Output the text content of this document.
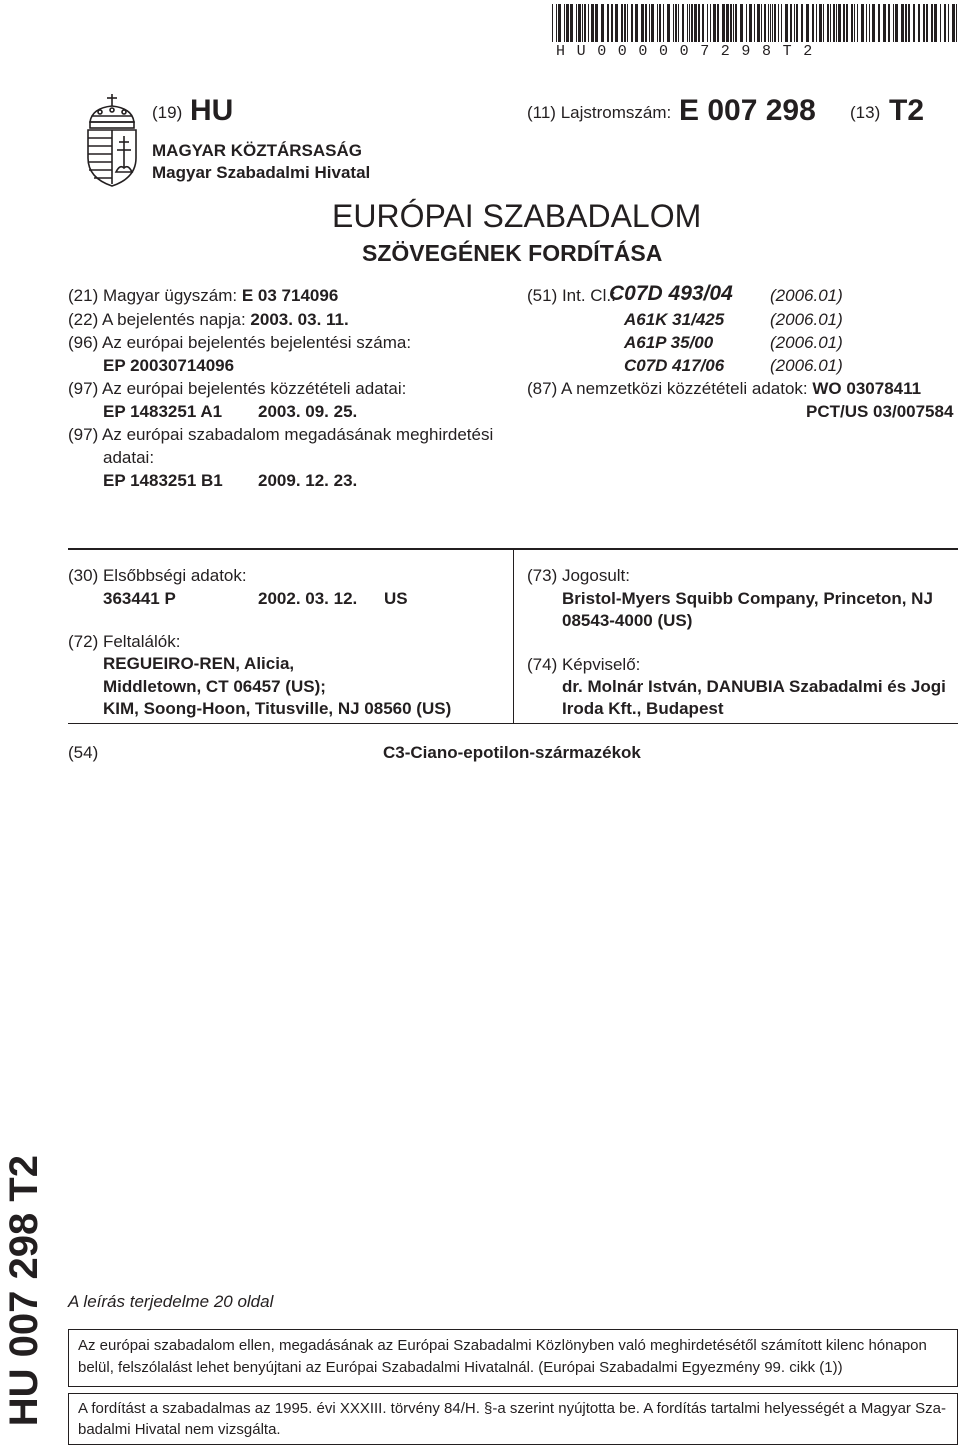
HU000007298T2
(19) HU	(11) Lajstromszám: E 007 298 (13) T2
MAGYAR KÖZTÁRSASÁG
Magyar Szabadalmi Hivatal
EURÓPAI SZABADALOM
SZÖVEGÉNEK FORDÍTÁSA
(21) Magyar ügyszám: E 03 714096
(22) A bejelentés napja: 2003. 03. 11.
(96) Az európai bejelentés bejelentési száma:
EP 20030714096
(97) Az európai bejelentés közzétételi adatai:
EP 1483251 A1 2003. 09. 25.
(97) Az európai szabadalom megadásának meghirdetési
adatai:
EP 1483251 B1 2009. 12. 23.
(51) Int. Cl.:
C07D 493/04 (2006.01)
A61K 31/425	(2006.01)
A61P 35/00	(2006.01)
C07D 417/06	(2006.01)
(87) A nemzetközi közzétételi adatok: WO 03078411
PCT/US 03/007584
(30) Elsőbbségi adatok:
363441 P	2002. 03. 12. US
(72) Feltalálók:
REGUEIRO-REN, Alicia,
Middletown, CT 06457 (US);
KIM, Soong-Hoon, Titusville, NJ 08560 (US)
(73) Jogosult:
Bristol-Myers Squibb Company, Princeton, NJ
08543-4000 (US)
(74) Képviselő:
dr. Molnár István, DANUBIA Szabadalmi és Jogi
Iroda Kft., Budapest
(54)	C3-Ciano-epotilon-származékok
HU 007 298 T2 A leírás terjedelme 20 oldal
Az európai szabadalom ellen, megadásának az Európai Szabadalmi Közlönyben való meghirdetésétől számított kilenc hónapon
belül, felszólalást lehet benyújtani az Európai Szabadalmi Hivatalnál. (Európai Szabadalmi Egyezmény 99. cikk (1))
A fordítást a szabadalmas az 1995. évi XXXIII. törvény 84/H. §-a szerint nyújtotta be. A fordítás tartalmi helyességét a Magyar Sza-
badalmi Hivatal nem vizsgálta.
